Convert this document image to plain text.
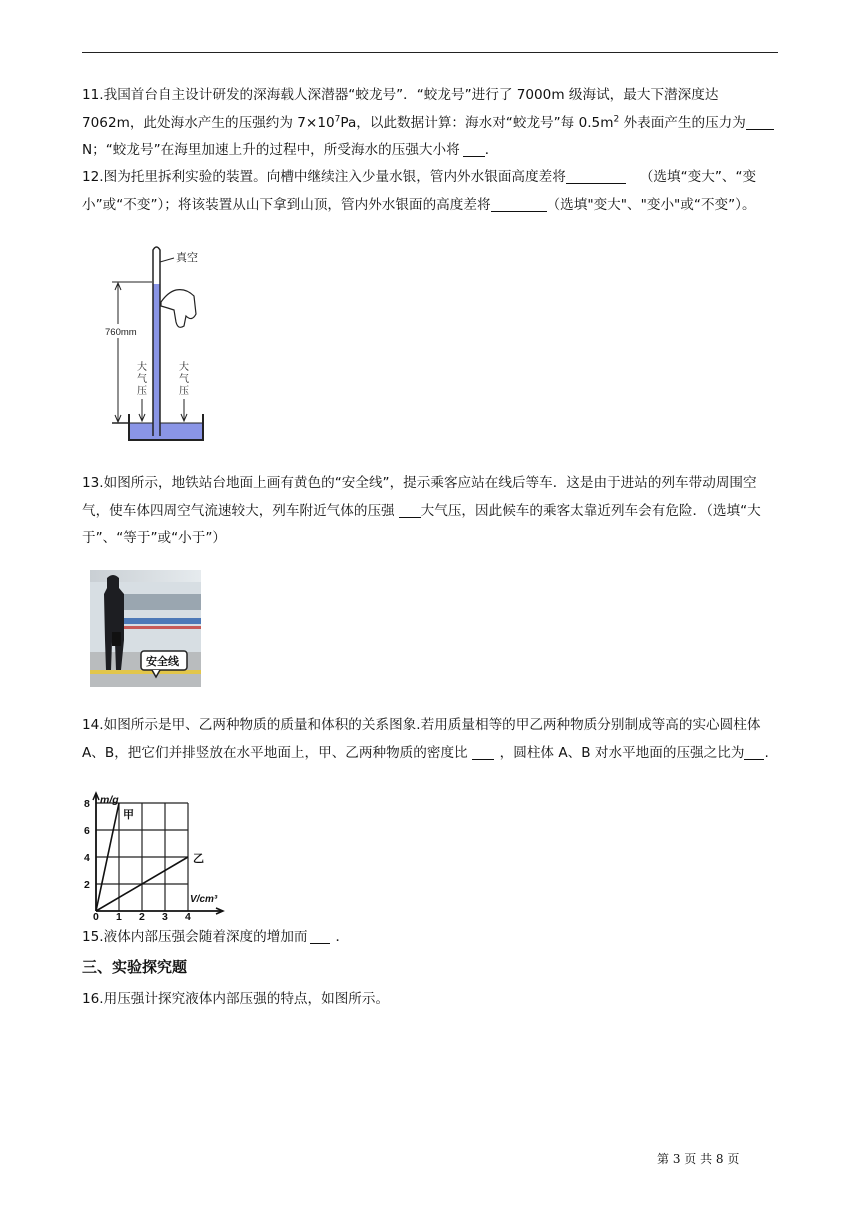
11.我国首台自主设计研发的深海载人深潜器“蛟龙号”．“蛟龙号”进行了 7000m 级海试，最大下潜深度达 7062m，此处海水产生的压强约为 $7\times 10^7Pa$，以此数据计算：海水对“蛟龙号”每 $0.5m^2$ 外表面产生的压力为N；“蛟龙号”在海里加速上升的过程中，所受海水的压强大小将 ．

12.图为托里拆利实验的装置。向槽中继续注入少量水银，管内外水银面高度差将	（选填“变大”、“变小”或“不变”）；将该装置从山下拿到山顶，管内外水银面的高度差将	（选填"变大"、"变小"或“不变”）。

真空
760mm
大
气
压
大
气
压

13.如图所示，地铁站台地面上画有黄色的“安全线”，提示乘客应站在线后等车．这是由于进站的列车带动周围空气，使车体四周空气流速较大，列车附近气体的压强 大气压，因此候车的乘客太靠近列车会有危险．（选填“大于”、“等于”或“小于”）

安全线

14.如图所示是甲、乙两种物质的质量和体积的关系图象.若用质量相等的甲乙两种物质分别制成等高的实心圆柱体 A、B，把它们并排竖放在水平地面上，甲、乙两种物质的密度比 ，圆柱体 A、B 对水平地面的压强之比为 .

0 1 2 3 4
2
4
6
8 m/g
V/cm³
甲
乙

15.液体内部压强会随着深度的增加而 ．

三、实验探究题

16.用压强计探究液体内部压强的特点，如图所示。

第 3 页 共 8 页
